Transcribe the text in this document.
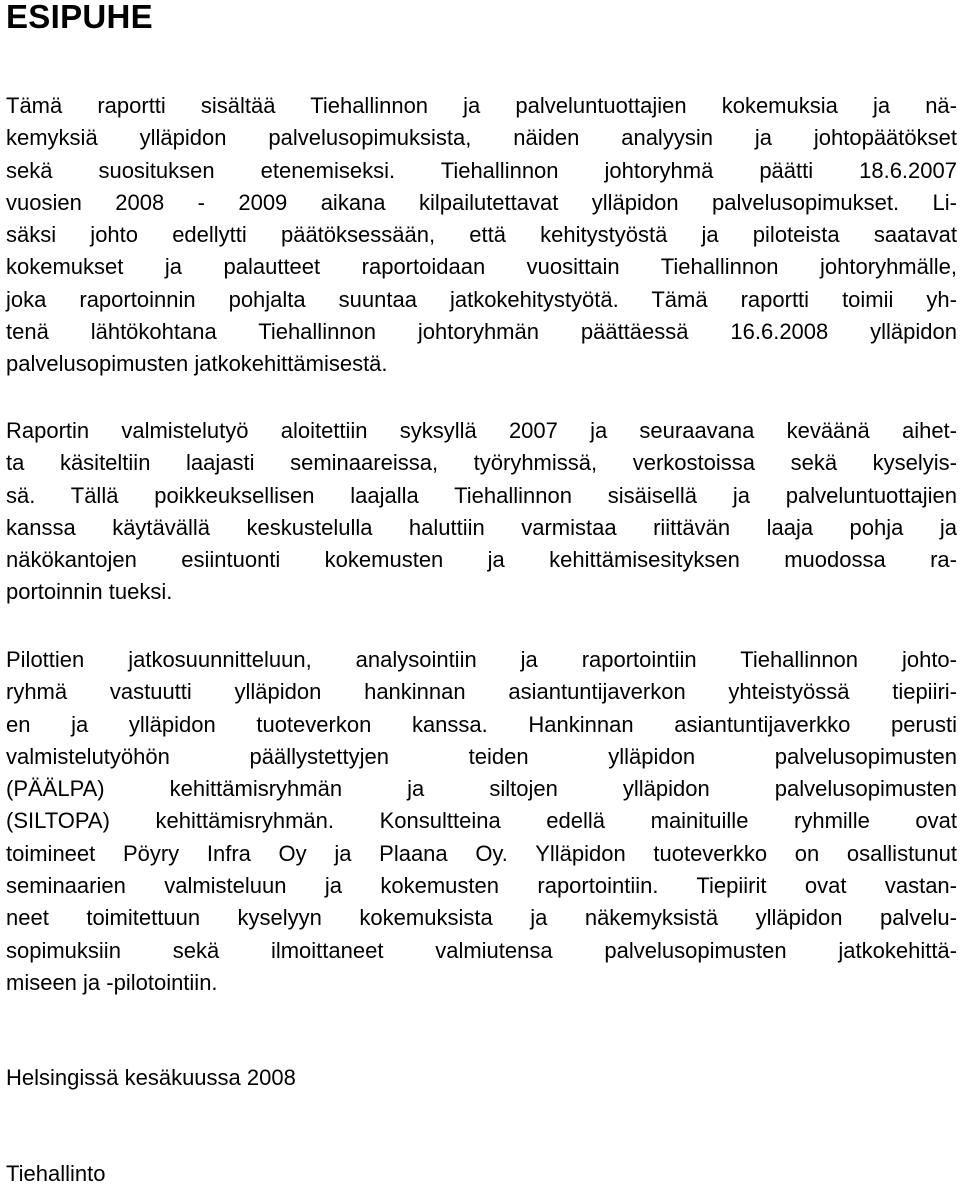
ESIPUHE

Tämä raportti sisältää Tiehallinnon ja palveluntuottajien kokemuksia ja nä-
kemyksiä ylläpidon palvelusopimuksista, näiden analyysin ja johtopäätökset
sekä suosituksen etenemiseksi. Tiehallinnon johtoryhmä päätti 18.6.2007
vuosien 2008 - 2009 aikana kilpailutettavat ylläpidon palvelusopimukset. Li-
säksi johto edellytti päätöksessään, että kehitystyöstä ja piloteista saatavat
kokemukset ja palautteet raportoidaan vuosittain Tiehallinnon johtoryhmälle,
joka raportoinnin pohjalta suuntaa jatkokehitystyötä. Tämä raportti toimii yh-
tenä lähtökohtana Tiehallinnon johtoryhmän päättäessä 16.6.2008 ylläpidon
palvelusopimusten jatkokehittämisestä.

Raportin valmistelutyö aloitettiin syksyllä 2007 ja seuraavana keväänä aihet-
ta käsiteltiin laajasti seminaareissa, työryhmissä, verkostoissa sekä kyselyis-
sä. Tällä poikkeuksellisen laajalla Tiehallinnon sisäisellä ja palveluntuottajien
kanssa käytävällä keskustelulla haluttiin varmistaa riittävän laaja pohja ja
näkökantojen esiintuonti kokemusten ja kehittämisesityksen muodossa ra-
portoinnin tueksi.

Pilottien jatkosuunnitteluun, analysointiin ja raportointiin Tiehallinnon johto-
ryhmä vastuutti ylläpidon hankinnan asiantuntijaverkon yhteistyössä tiepiiri-
en ja ylläpidon tuoteverkon kanssa. Hankinnan asiantuntijaverkko perusti
valmistelutyöhön päällystettyjen teiden ylläpidon palvelusopimusten
(PÄÄLPA) kehittämisryhmän ja siltojen ylläpidon palvelusopimusten
(SILTOPA) kehittämisryhmän. Konsultteina edellä mainituille ryhmille ovat
toimineet Pöyry Infra Oy ja Plaana Oy. Ylläpidon tuoteverkko on osallistunut
seminaarien valmisteluun ja kokemusten raportointiin. Tiepiirit ovat vastan-
neet toimitettuun kyselyyn kokemuksista ja näkemyksistä ylläpidon palvelu-
sopimuksiin sekä ilmoittaneet valmiutensa palvelusopimusten jatkokehittä-
miseen ja -pilotointiin.

Helsingissä kesäkuussa 2008

Tiehallinto
